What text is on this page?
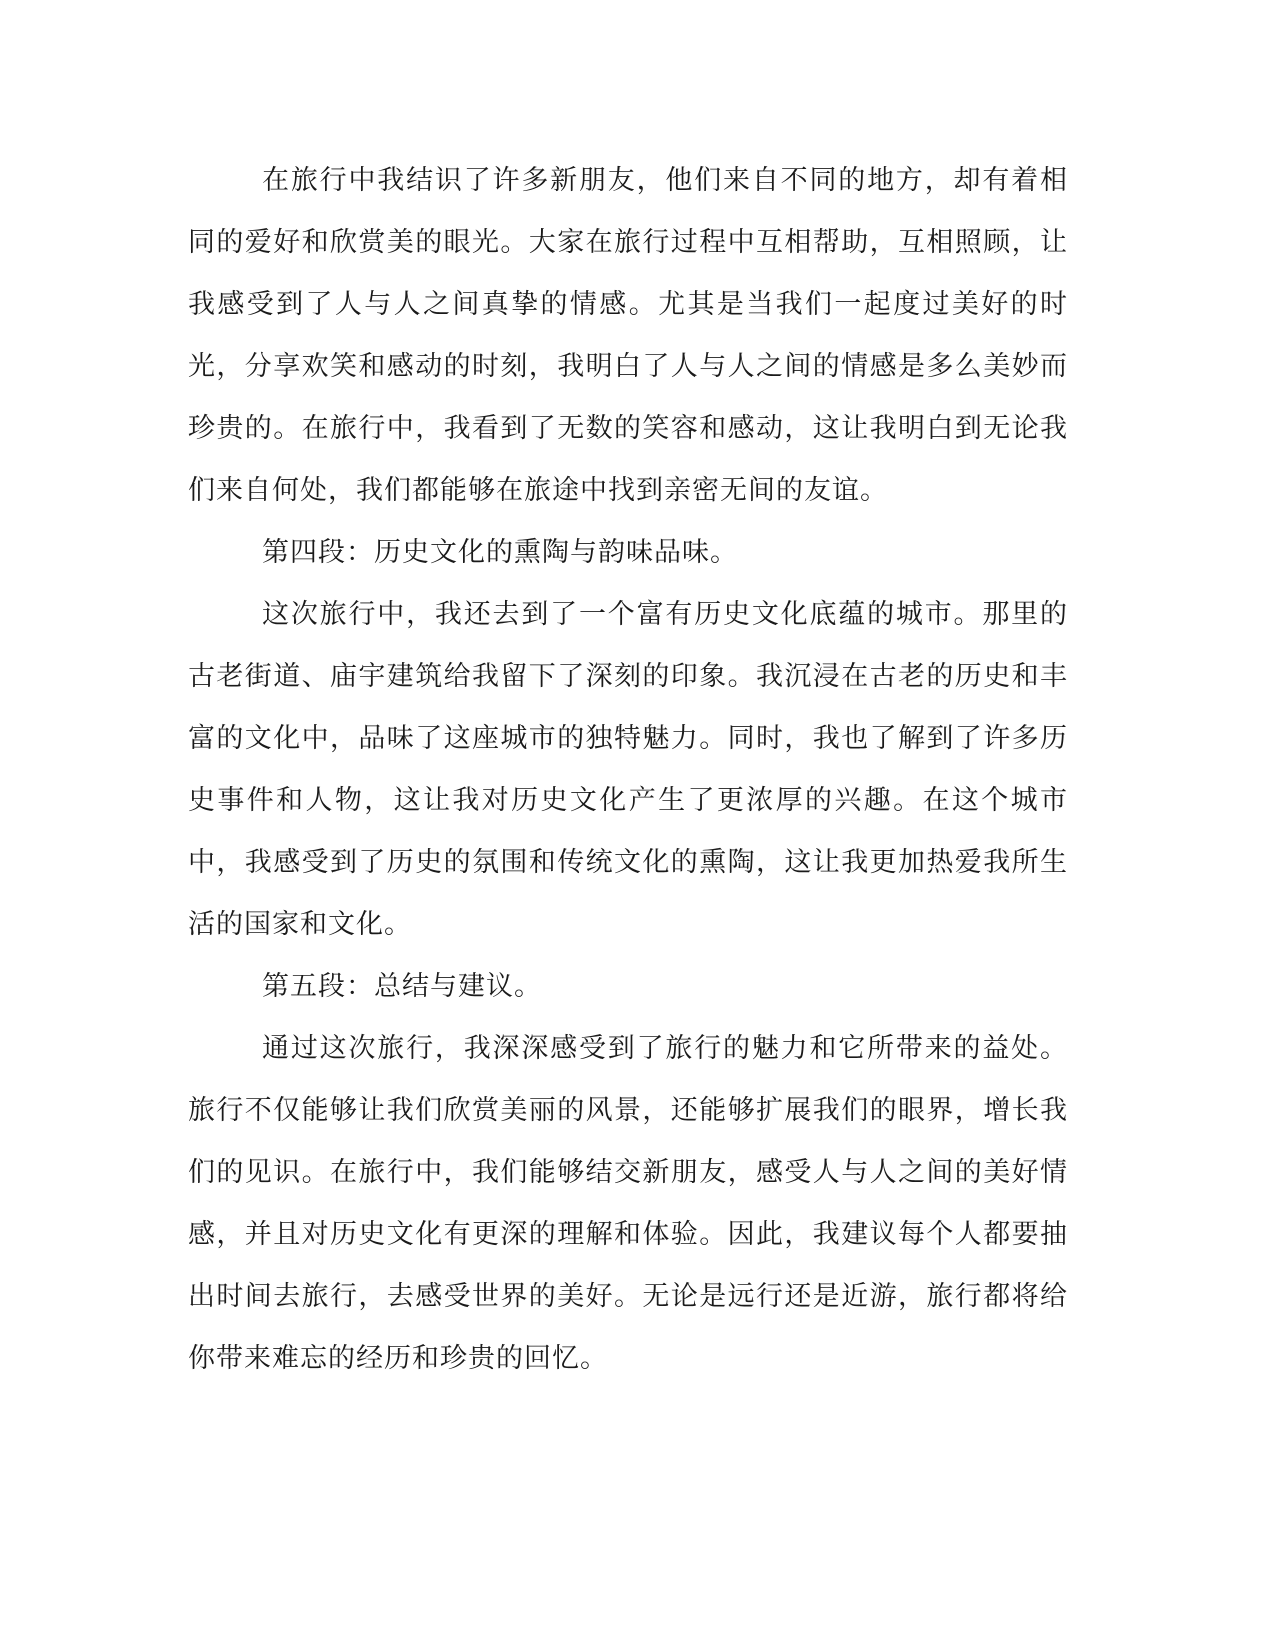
在旅行中我结识了许多新朋友，他们来自不同的地方，却有着相同的爱好和欣赏美的眼光。大家在旅行过程中互相帮助，互相照顾，让我感受到了人与人之间真挚的情感。尤其是当我们一起度过美好的时光，分享欢笑和感动的时刻，我明白了人与人之间的情感是多么美妙而珍贵的。在旅行中，我看到了无数的笑容和感动，这让我明白到无论我们来自何处，我们都能够在旅途中找到亲密无间的友谊。

第四段：历史文化的熏陶与韵味品味。

这次旅行中，我还去到了一个富有历史文化底蕴的城市。那里的古老街道、庙宇建筑给我留下了深刻的印象。我沉浸在古老的历史和丰富的文化中，品味了这座城市的独特魅力。同时，我也了解到了许多历史事件和人物，这让我对历史文化产生了更浓厚的兴趣。在这个城市中，我感受到了历史的氛围和传统文化的熏陶，这让我更加热爱我所生活的国家和文化。

第五段：总结与建议。

通过这次旅行，我深深感受到了旅行的魅力和它所带来的益处。旅行不仅能够让我们欣赏美丽的风景，还能够扩展我们的眼界，增长我们的见识。在旅行中，我们能够结交新朋友，感受人与人之间的美好情感，并且对历史文化有更深的理解和体验。因此，我建议每个人都要抽出时间去旅行，去感受世界的美好。无论是远行还是近游，旅行都将给你带来难忘的经历和珍贵的回忆。
